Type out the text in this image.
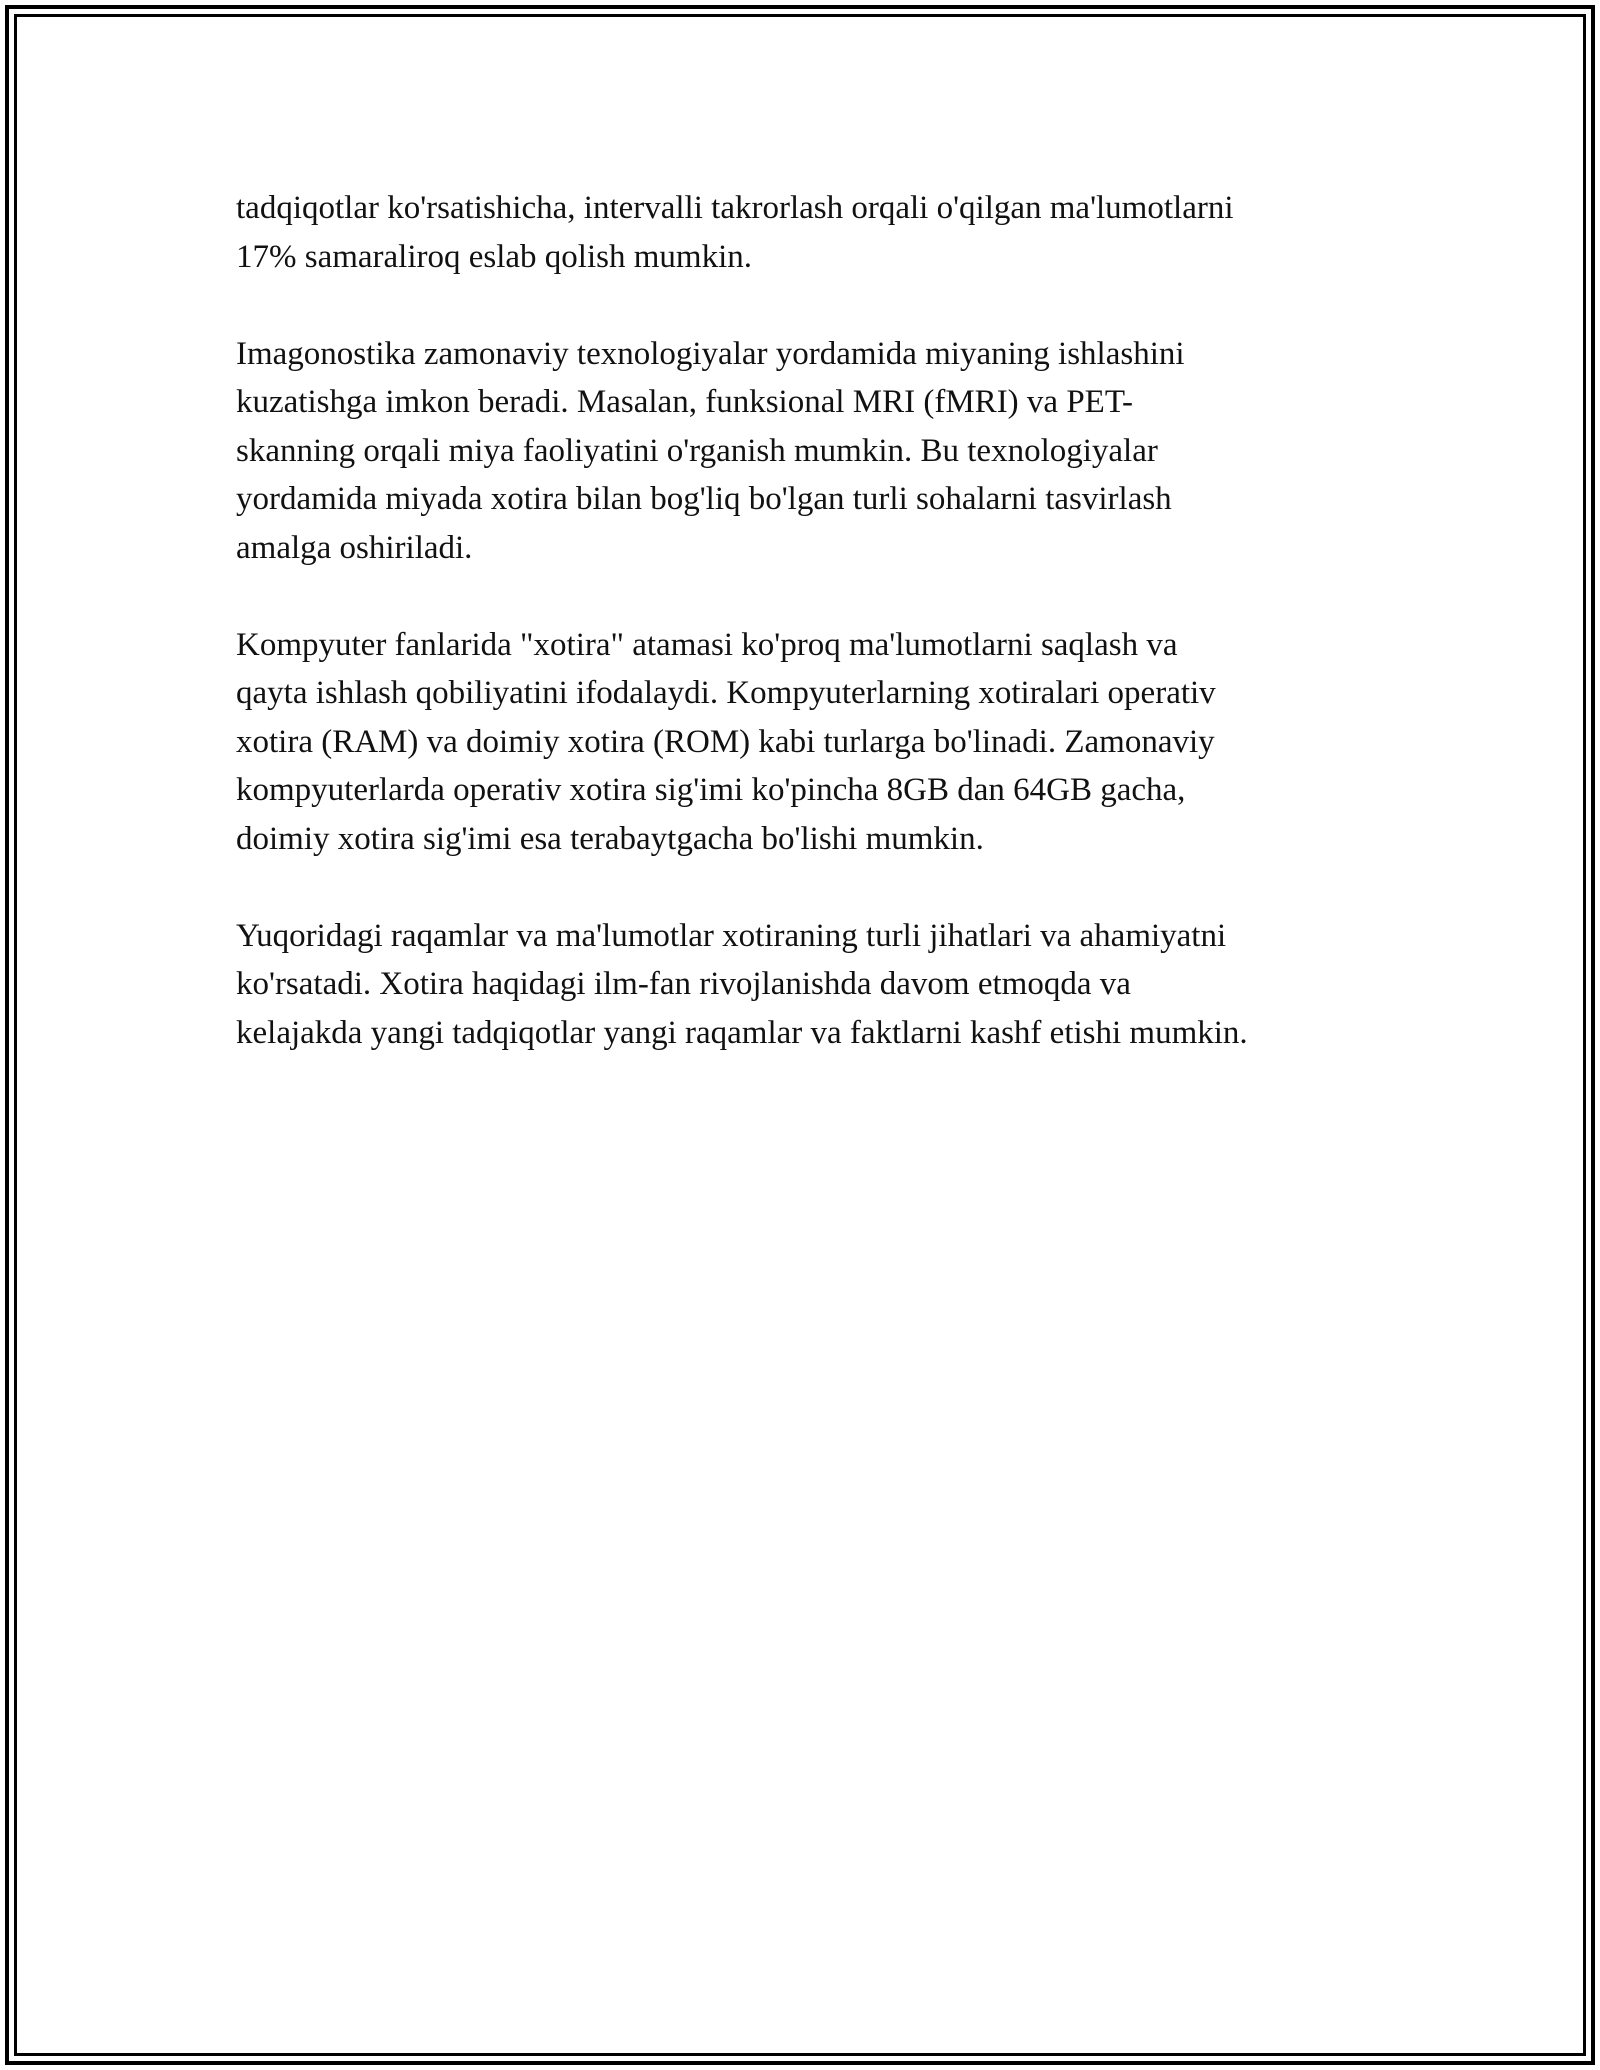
tadqiqotlar ko'rsatishicha, intervalli takrorlash orqali o'qilgan ma'lumotlarni
17% samaraliroq eslab qolish mumkin.

Imagonostika zamonaviy texnologiyalar yordamida miyaning ishlashini
kuzatishga imkon beradi. Masalan, funksional MRI (fMRI) va PET-
skanning orqali miya faoliyatini o'rganish mumkin. Bu texnologiyalar
yordamida miyada xotira bilan bog'liq bo'lgan turli sohalarni tasvirlash
amalga oshiriladi.

Kompyuter fanlarida "xotira" atamasi ko'proq ma'lumotlarni saqlash va
qayta ishlash qobiliyatini ifodalaydi. Kompyuterlarning xotiralari operativ
xotira (RAM) va doimiy xotira (ROM) kabi turlarga bo'linadi. Zamonaviy
kompyuterlarda operativ xotira sig'imi ko'pincha 8GB dan 64GB gacha,
doimiy xotira sig'imi esa terabaytgacha bo'lishi mumkin.

Yuqoridagi raqamlar va ma'lumotlar xotiraning turli jihatlari va ahamiyatni
ko'rsatadi. Xotira haqidagi ilm-fan rivojlanishda davom etmoqda va
kelajakda yangi tadqiqotlar yangi raqamlar va faktlarni kashf etishi mumkin.
